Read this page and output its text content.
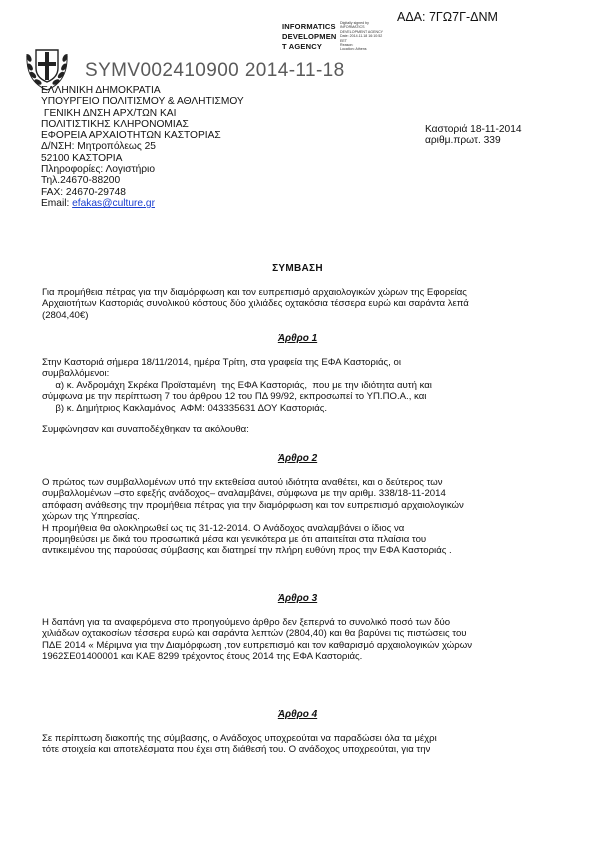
ΑΔΑ: 7ΓΩ7Γ-ΔΝΜ
INFORMATICS
DEVELOPMEN
T AGENCY
Digitally signed by
INFORMATICS
DEVELOPMENT AGENCY
Date: 2014.11.18 16:10:52
EET
Reason:
Location: Athens
SYMV002410900 2014-11-18
ΕΛΛΗΝΙΚΗ ΔΗΜΟΚΡΑΤΙΑ
ΥΠΟΥΡΓΕΙΟ ΠΟΛΙΤΙΣΜΟΥ & ΑΘΛΗΤΙΣΜΟΥ
ΓΕΝΙΚΗ ΔΝΣΗ ΑΡΧ/ΤΩΝ ΚΑΙ
ΠΟΛΙΤΙΣΤΙΚΗΣ ΚΛΗΡΟΝΟΜΙΑΣ
ΕΦΟΡΕΙΑ ΑΡΧΑΙΟΤΗΤΩΝ ΚΑΣΤΟΡΙΑΣ
Δ/ΝΣΗ: Μητροπόλεως 25
52100 ΚΑΣΤΟΡΙΑ
Πληροφορίες: Λογιστήριο
Τηλ.24670-88200
FAX: 24670-29748
Email: efakas@culture.gr
Καστοριά 18-11-2014
αριθμ.πρωτ. 339
ΣΥΜΒΑΣΗ
Για προμήθεια πέτρας για την διαμόρφωση και τον ευπρεπισμό αρχαιολογικών χώρων της Εφορείας
Αρχαιοτήτων Καστοριάς συνολικού κόστους δύο χιλιάδες οχτακόσια τέσσερα ευρώ και σαράντα λεπά
(2804,40€)
Άρθρο 1
Στην Καστοριά σήμερα 18/11/2014, ημέρα Τρίτη, στα γραφεία της ΕΦΑ Καστοριάς, οι
συμβαλλόμενοι:
α) κ. Ανδρομάχη Σκρέκα Προϊσταμένη  της ΕΦΑ Καστοριάς,  που με την ιδιότητα αυτή και
σύμφωνα με την περίπτωση 7 του άρθρου 12 του ΠΔ 99/92, εκπροσωπεί το ΥΠ.ΠΟ.Α., και
β) κ. Δημήτριος Κακλαμάνος  ΑΦΜ: 043335631 ΔΟΥ Καστοριάς.
Συμφώνησαν και συναποδέχθηκαν τα ακόλουθα:
Άρθρο 2
Ο πρώτος των συμβαλλομένων υπό την εκτεθείσα αυτού ιδιότητα αναθέτει, και ο δεύτερος των
συμβαλλομένων –στο εφεξής ανάδοχος– αναλαμβάνει, σύμφωνα με την αριθμ. 338/18-11-2014
απόφαση ανάθεσης την προμήθεια πέτρας για την διαμόρφωση και τον ευπρεπισμό αρχαιολογικών
χώρων της Υπηρεσίας.
Η προμήθεια θα ολοκληρωθεί ως τις 31-12-2014. Ο Ανάδοχος αναλαμβάνει ο ίδιος να
προμηθεύσει με δικά του προσωπικά μέσα και γενικότερα με ότι απαιτείται στα πλαίσια του
αντικειμένου της παρούσας σύμβασης και διατηρεί την πλήρη ευθύνη προς την ΕΦΑ Καστοριάς .
Άρθρο 3
Η δαπάνη για τα αναφερόμενα στο προηγούμενο άρθρο δεν ξεπερνά το συνολικό ποσό των δύο
χιλιάδων οχτακοσίων τέσσερα ευρώ και σαράντα λεπτών (2804,40) και θα βαρύνει τις πιστώσεις του
ΠΔΕ 2014 « Μέριμνα για την Διαμόρφωση ,τον ευπρεπισμό και τον καθαρισμό αρχαιολογικών χώρων
1962ΣΕ01400001 και ΚΑΕ 8299 τρέχοντος έτους 2014 της ΕΦΑ Καστοριάς.
Άρθρο 4
Σε περίπτωση διακοπής της σύμβασης, ο Ανάδοχος υποχρεούται να παραδώσει όλα τα μέχρι
τότε στοιχεία και αποτελέσματα που έχει στη διάθεσή του. Ο ανάδοχος υποχρεούται, για την
